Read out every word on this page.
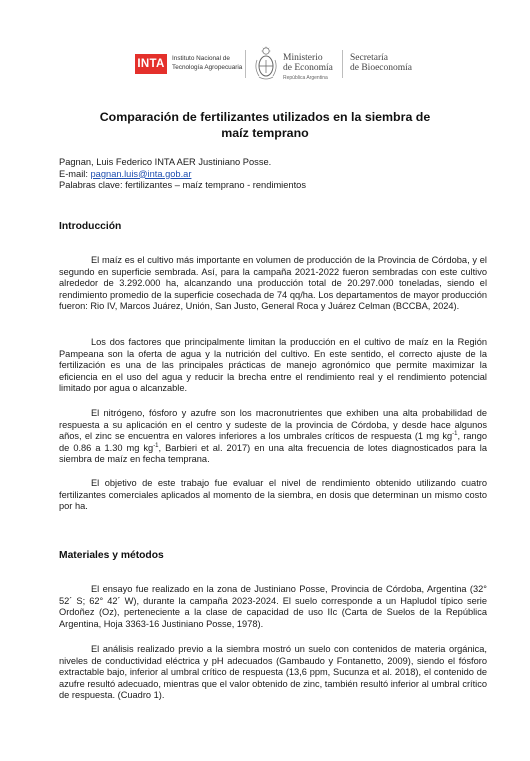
INTA	Instituto Nacional de
Tecnología Agropecuaria
Ministerio
de Economía
República Argentina
Secretaría
de Bioeconomía
Comparación de fertilizantes utilizados en la siembra de maíz temprano
Pagnan, Luis Federico INTA AER Justiniano Posse.
E-mail: pagnan.luis@inta.gob.ar
Palabras clave: fertilizantes – maíz temprano - rendimientos
Introducción

El maíz es el cultivo más importante en volumen de producción de la Provincia de Córdoba, y el segundo en superficie sembrada. Así, para la campaña 2021-2022 fueron sembradas con este cultivo alrededor de 3.292.000 ha, alcanzando una producción total de 20.297.000 toneladas, siendo el rendimiento promedio de la superficie cosechada de 74 qq/ha. Los departamentos de mayor producción fueron: Rio IV, Marcos Juárez, Unión, San Justo, General Roca y Juárez Celman (BCCBA, 2024).

Los dos factores que principalmente limitan la producción en el cultivo de maíz en la Región Pampeana son la oferta de agua y la nutrición del cultivo. En este sentido, el correcto ajuste de la fertilización es una de las principales prácticas de manejo agronómico que permite maximizar la eficiencia en el uso del agua y reducir la brecha entre el rendimiento real y el rendimiento potencial limitado por agua o alcanzable.

El nitrógeno, fósforo y azufre son los macronutrientes que exhiben una alta probabilidad de respuesta a su aplicación en el centro y sudeste de la provincia de Córdoba, y desde hace algunos años, el zinc se encuentra en valores inferiores a los umbrales críticos de respuesta (1 mg $kg^{-1}$, rango de 0.86 a 1.30 mg $kg^{-1}$, Barbieri et al. 2017) en una alta frecuencia de lotes diagnosticados para la siembra de maíz en fecha temprana.

El objetivo de este trabajo fue evaluar el nivel de rendimiento obtenido utilizando cuatro fertilizantes comerciales aplicados al momento de la siembra, en dosis que determinan un mismo costo por ha.

Materiales y métodos

El ensayo fue realizado en la zona de Justiniano Posse, Provincia de Córdoba, Argentina (32° 52´ S; 62° 42´ W), durante la campaña 2023-2024. El suelo corresponde a un Hapludol típico serie Ordoñez (Oz), perteneciente a la clase de capacidad de uso IIc (Carta de Suelos de la República Argentina, Hoja 3363-16 Justiniano Posse, 1978).

El análisis realizado previo a la siembra mostró un suelo con contenidos de materia orgánica, niveles de conductividad eléctrica y pH adecuados (Gambaudo y Fontanetto, 2009), siendo el fósforo extractable bajo, inferior al umbral crítico de respuesta (13,6 ppm, Sucunza et al. 2018), el contenido de azufre resultó adecuado, mientras que el valor obtenido de zinc, también resultó inferior al umbral crítico de respuesta. (Cuadro 1).
